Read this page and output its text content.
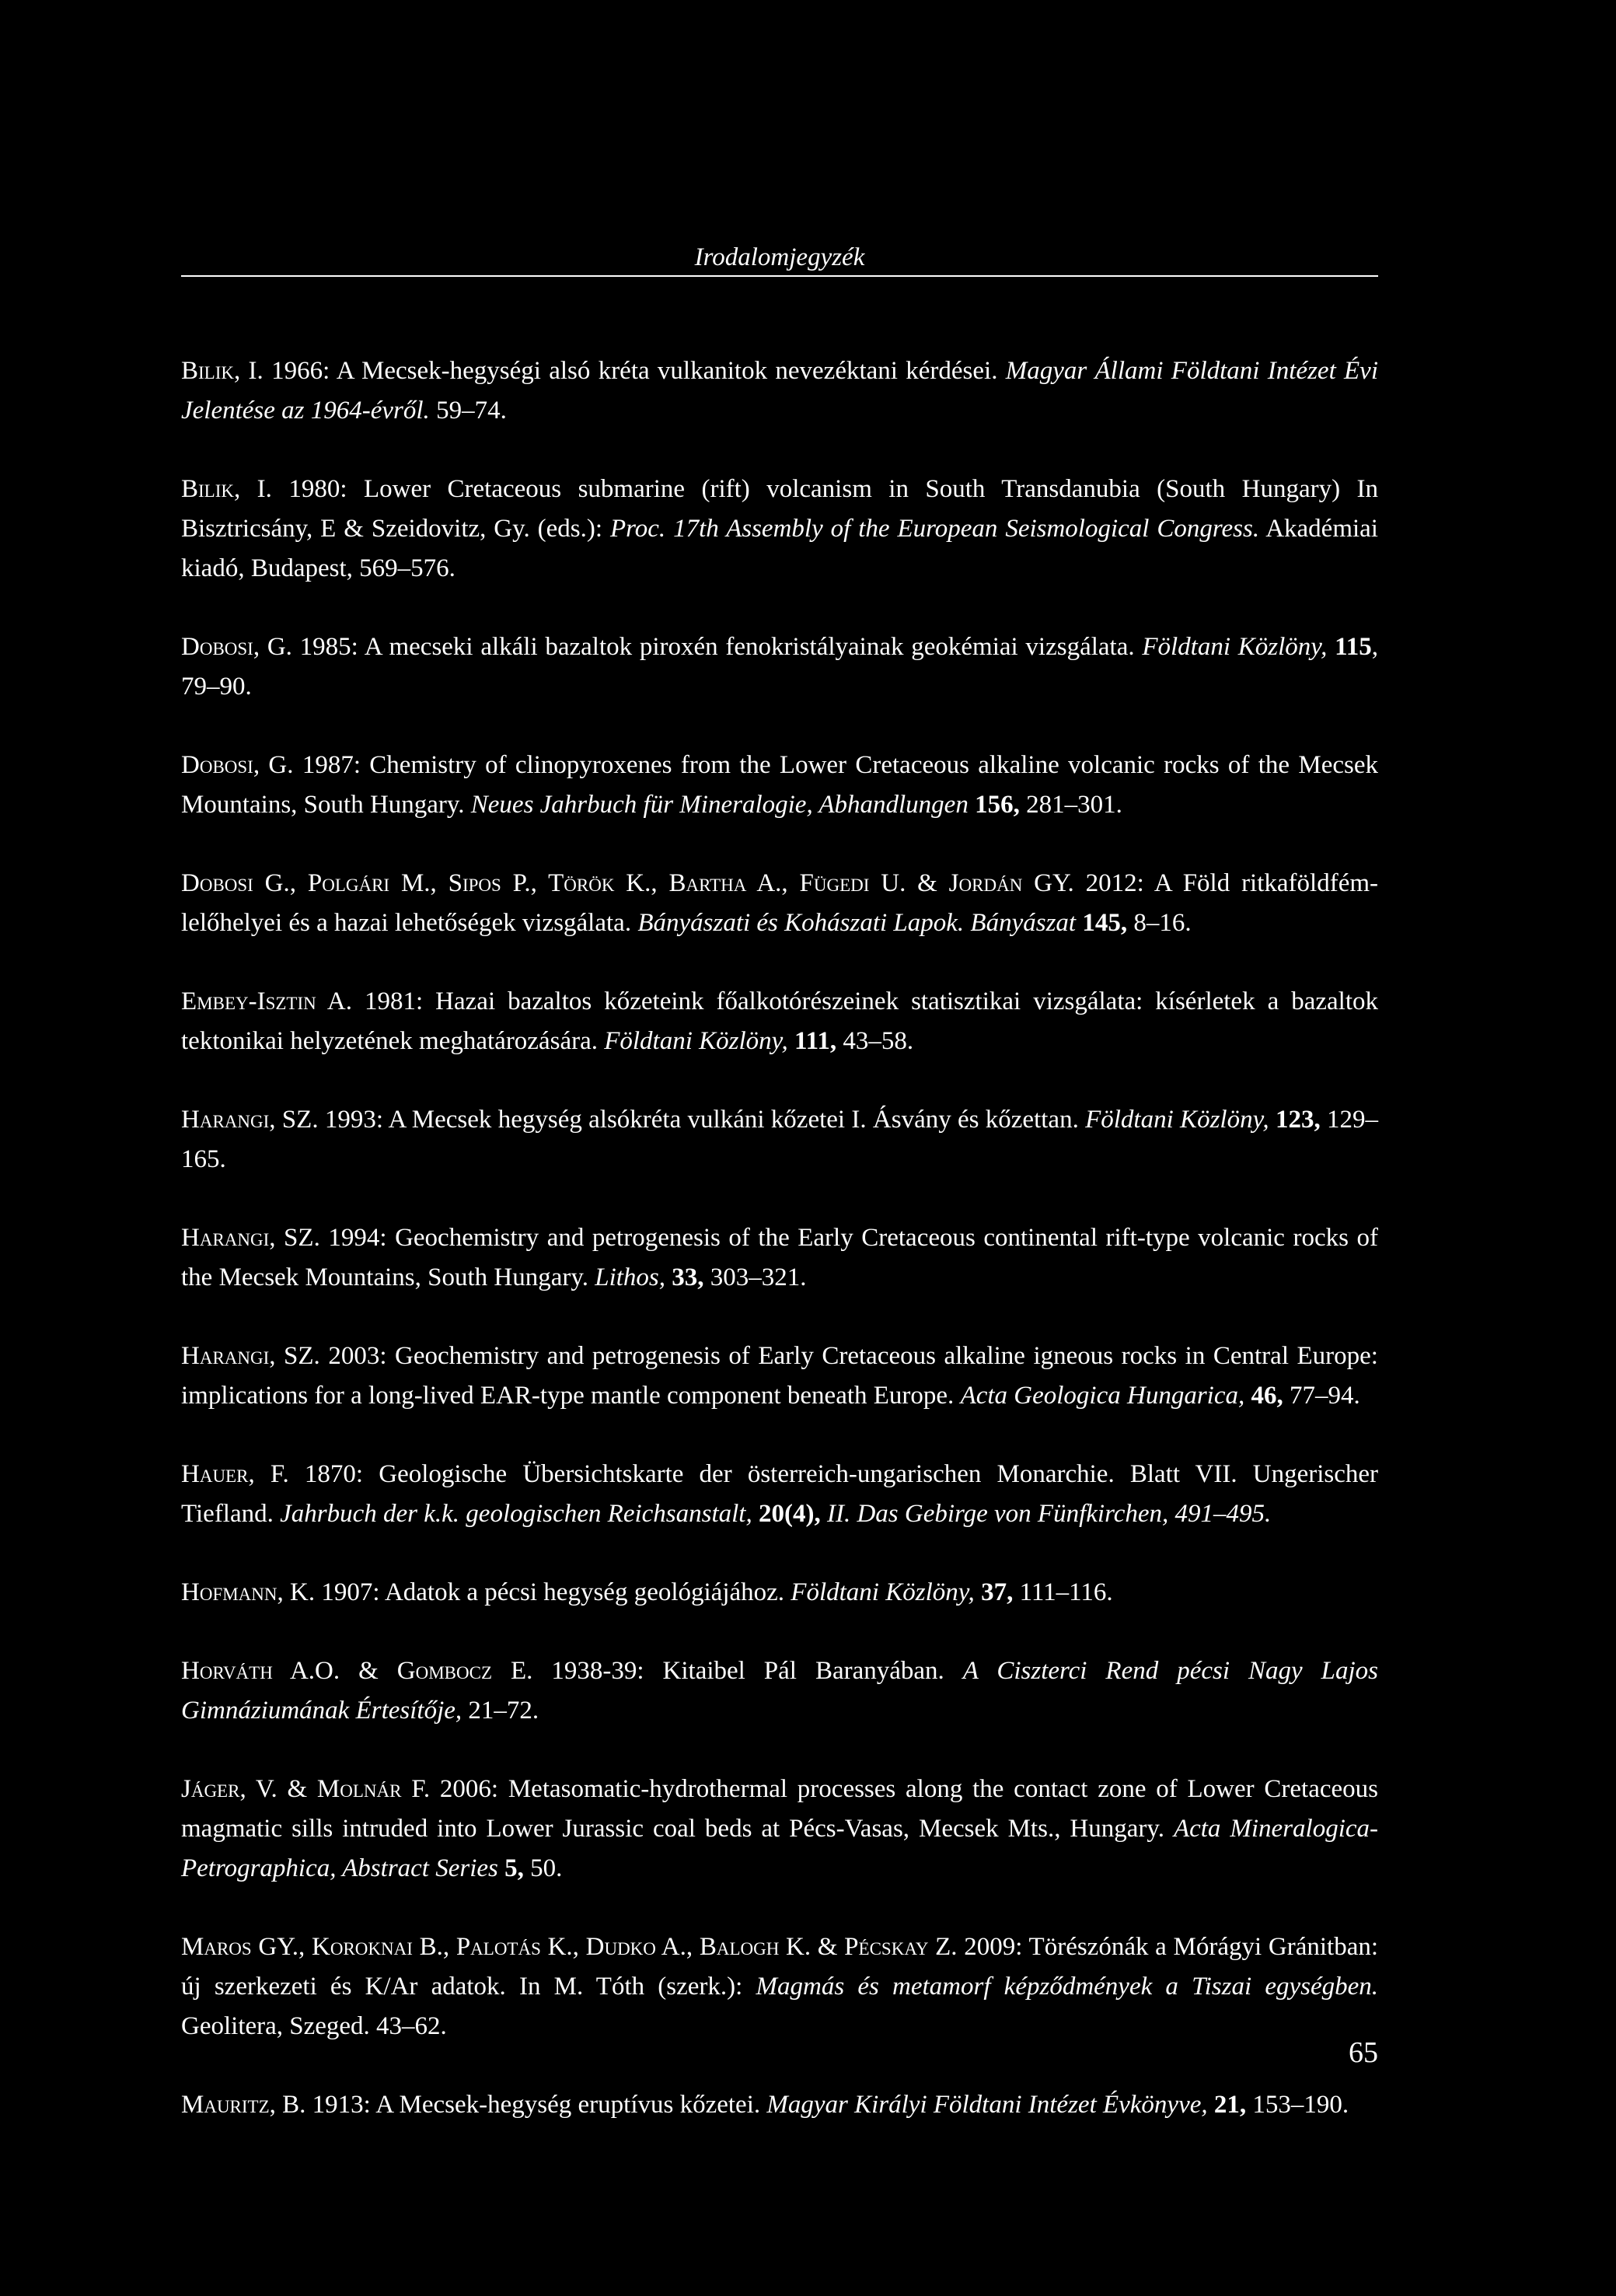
Irodalomjegyzék

Bilik, I. 1966: A Mecsek-hegységi alsó kréta vulkanitok nevezéktani kérdései. Magyar Állami Földtani Intézet Évi Jelentése az 1964-évről. 59–74.

Bilik, I. 1980: Lower Cretaceous submarine (rift) volcanism in South Transdanubia (South Hungary) In Bisztricsány, E & Szeidovitz, Gy. (eds.): Proc. 17th Assembly of the European Seismological Congress. Akadémiai kiadó, Budapest, 569–576.

Dobosi, G. 1985: A mecseki alkáli bazaltok piroxén fenokristályainak geokémiai vizsgálata. Földtani Közlöny, 115, 79–90.

Dobosi, G. 1987: Chemistry of clinopyroxenes from the Lower Cretaceous alkaline volcanic rocks of the Mecsek Mountains, South Hungary. Neues Jahrbuch für Mineralogie, Abhandlungen 156, 281–301.

Dobosi G., Polgári M., Sipos P., Török K., Bartha A., Fügedi U. & Jordán GY. 2012: A Föld ritkaföldfém-lelőhelyei és a hazai lehetőségek vizsgálata. Bányászati és Kohászati Lapok. Bányászat 145, 8–16.

Embey-Isztin A. 1981: Hazai bazaltos kőzeteink főalkotórészeinek statisztikai vizsgálata: kísérletek a bazaltok tektonikai helyzetének meghatározására. Földtani Közlöny, 111, 43–58.

Harangi, SZ. 1993: A Mecsek hegység alsókréta vulkáni kőzetei I. Ásvány és kőzettan. Földtani Közlöny, 123, 129–165.

Harangi, SZ. 1994: Geochemistry and petrogenesis of the Early Cretaceous continental rift-type volcanic rocks of the Mecsek Mountains, South Hungary. Lithos, 33, 303–321.

Harangi, SZ. 2003: Geochemistry and petrogenesis of Early Cretaceous alkaline igneous rocks in Central Europe: implications for a long-lived EAR-type mantle component beneath Europe. Acta Geologica Hungarica, 46, 77–94.

Hauer, F. 1870: Geologische Übersichtskarte der österreich-ungarischen Monarchie. Blatt VII. Ungerischer Tiefland. Jahrbuch der k.k. geologischen Reichsanstalt, 20(4), II. Das Gebirge von Fünfkirchen, 491–495.

Hofmann, K. 1907: Adatok a pécsi hegység geológiájához. Földtani Közlöny, 37, 111–116.

Horváth A.O. & Gombocz E. 1938-39: Kitaibel Pál Baranyában. A Ciszterci Rend pécsi Nagy Lajos Gimnáziumának Értesítője, 21–72.

Jáger, V. & Molnár F. 2006: Metasomatic-hydrothermal processes along the contact zone of Lower Cretaceous magmatic sills intruded into Lower Jurassic coal beds at Pécs-Vasas, Mecsek Mts., Hungary. Acta Mineralogica-Petrographica, Abstract Series 5, 50.

Maros GY., Koroknai B., Palotás K., Dudko A., Balogh K. & Pécskay Z. 2009: Törészónák a Mórágyi Gránitban: új szerkezeti és K/Ar adatok. In M. Tóth (szerk.): Magmás és metamorf képződmények a Tiszai egységben. Geolitera, Szeged. 43–62.

Mauritz, B. 1913: A Mecsek-hegység eruptívus kőzetei. Magyar Királyi Földtani Intézet Évkönyve, 21, 153–190.

65
